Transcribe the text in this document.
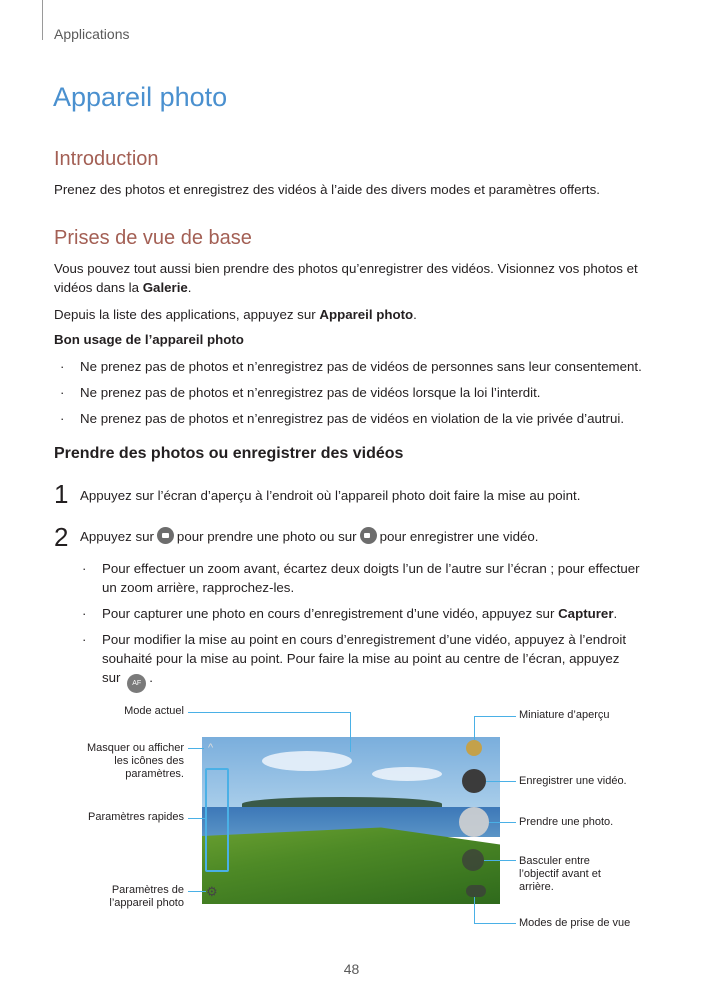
Applications
Appareil photo
Introduction

Prenez des photos et enregistrez des vidéos à l’aide des divers modes et paramètres offerts.

Prises de vue de base

Vous pouvez tout aussi bien prendre des photos qu’enregistrer des vidéos. Visionnez vos photos et vidéos dans la Galerie.

Depuis la liste des applications, appuyez sur Appareil photo.

Bon usage de l’appareil photo

· Ne prenez pas de photos et n’enregistrez pas de vidéos de personnes sans leur consentement.
· Ne prenez pas de photos et n’enregistrez pas de vidéos lorsque la loi l’interdit.
· Ne prenez pas de photos et n’enregistrez pas de vidéos en violation de la vie privée d’autrui.
Prendre des photos ou enregistrer des vidéos
1 Appuyez sur l’écran d’aperçu à l’endroit où l’appareil photo doit faire la mise au point.
2 Appuyez sur pour prendre une photo ou sur pour enregistrer une vidéo.
· Pour effectuer un zoom avant, écartez deux doigts l’un de l’autre sur l’écran ; pour effectuer un zoom arrière, rapprochez-les.
· Pour capturer une photo en cours d’enregistrement d’une vidéo, appuyez sur Capturer.
· Pour modifier la mise au point en cours d’enregistrement d’une vidéo, appuyez à l’endroit souhaité pour la mise au point. Pour faire la mise au point au centre de l’écran, appuyez sur AF .
^
⚙
Mode actuel
Masquer ou afficher les icônes des paramètres.
Paramètres rapides
Paramètres de l’appareil photo
Miniature d’aperçu
Enregistrer une vidéo.
Prendre une photo.
Basculer entre l’objectif avant et arrière.
Modes de prise de vue
48
